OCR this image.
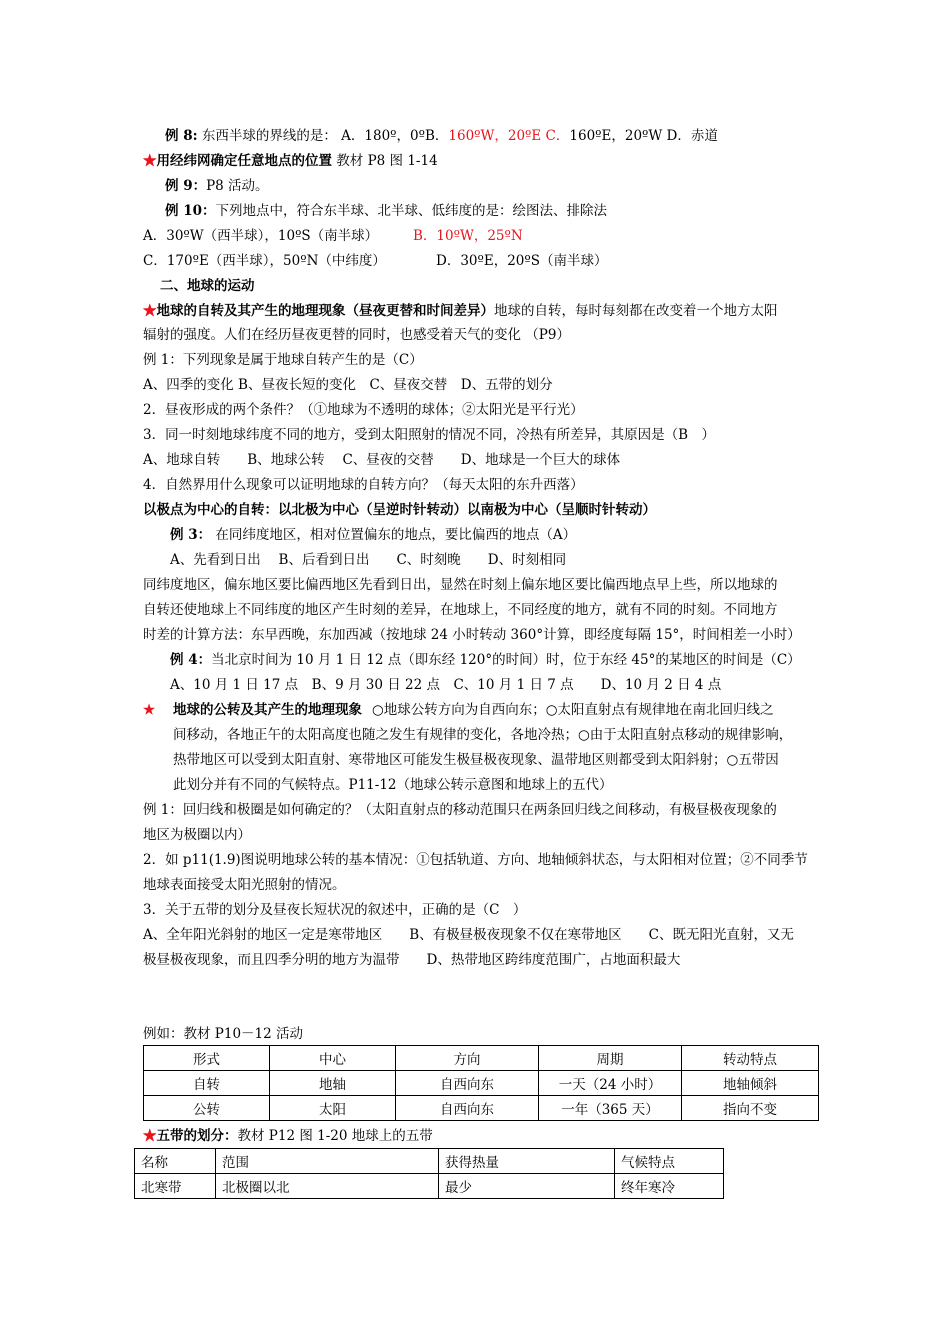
例 8: 东西半球的界线的是： A．180º，0ºB．160ºW，20ºE C．160ºE，20ºW D．赤道
★用经纬网确定任意地点的位置 教材 P8 图 1-14
例 9：P8 活动。
例 10：下列地点中，符合东半球、北半球、低纬度的是：绘图法、排除法
A．30ºW（西半球），10ºS（南半球）	B．10ºW，25ºN
C．170ºE（西半球），50ºN（中纬度）	D．30ºE，20ºS（南半球）
二、地球的运动
★地球的自转及其产生的地理现象（昼夜更替和时间差异）地球的自转，每时每刻都在改变着一个地方太阳
辐射的强度。人们在经历昼夜更替的同时，也感受着天气的变化 （P9）
例 1：下列现象是属于地球自转产生的是（C）
A、四季的变化 B、昼夜长短的变化　C、昼夜交替　D、五带的划分
2．昼夜形成的两个条件？（①地球为不透明的球体；②太阳光是平行光）
3．同一时刻地球纬度不同的地方，受到太阳照射的情况不同，冷热有所差异，其原因是（B　）
A、地球自转　　B、地球公转　 C、昼夜的交替　　D、地球是一个巨大的球体
4．自然界用什么现象可以证明地球的自转方向？（每天太阳的东升西落）
以极点为中心的自转：以北极为中心（呈逆时针转动）以南极为中心（呈顺时针转动）
例 3： 在同纬度地区，相对位置偏东的地点，要比偏西的地点（A）
A、先看到日出　 B、后看到日出　　C、时刻晚　　D、时刻相同
同纬度地区，偏东地区要比偏西地区先看到日出，显然在时刻上偏东地区要比偏西地点早上些，所以地球的
自转还使地球上不同纬度的地区产生时刻的差异，在地球上，不同经度的地方，就有不同的时刻。不同地方
时差的计算方法：东早西晚，东加西减（按地球 24 小时转动 360°计算，即经度每隔 15°，时间相差一小时）
例 4：当北京时间为 10 月 1 日 12 点（即东经 120°的时间）时，位于东经 45°的某地区的时间是（C）
A、10 月 1 日 17 点　B、9 月 30 日 22 点　C、10 月 1 日 7 点　　D、10 月 2 日 4 点
★ 地球的公转及其产生的地理现象 ○地球公转方向为自西向东；○太阳直射点有规律地在南北回归线之
间移动，各地正午的太阳高度也随之发生有规律的变化，各地冷热；○由于太阳直射点移动的规律影响，
热带地区可以受到太阳直射、寒带地区可能发生极昼极夜现象、温带地区则都受到太阳斜射；○五带因
此划分并有不同的气候特点。P11-12（地球公转示意图和地球上的五代）
例 1：回归线和极圈是如何确定的？（太阳直射点的移动范围只在两条回归线之间移动，有极昼极夜现象的
地区为极圈以内）
2．如 p11(1.9)图说明地球公转的基本情况：①包括轨道、方向、地轴倾斜状态，与太阳相对位置；②不同季节
地球表面接受太阳光照射的情况。
3．关于五带的划分及昼夜长短状况的叙述中，正确的是（C　）
A、全年阳光斜射的地区一定是寒带地区　　B、有极昼极夜现象不仅在寒带地区　　C、既无阳光直射，又无
极昼极夜现象，而且四季分明的地方为温带　　D、热带地区跨纬度范围广，占地面积最大
例如：教材 P10－12 活动
形式	中心	方向	周期	转动特点
自转	地轴	自西向东	一天（24 小时）	地轴倾斜
公转	太阳	自西向东	一年（365 天）	指向不变
★五带的划分：教材 P12 图 1-20 地球上的五带
名称	范围	获得热量	气候特点
北寒带	北极圈以北	最少	终年寒冷
